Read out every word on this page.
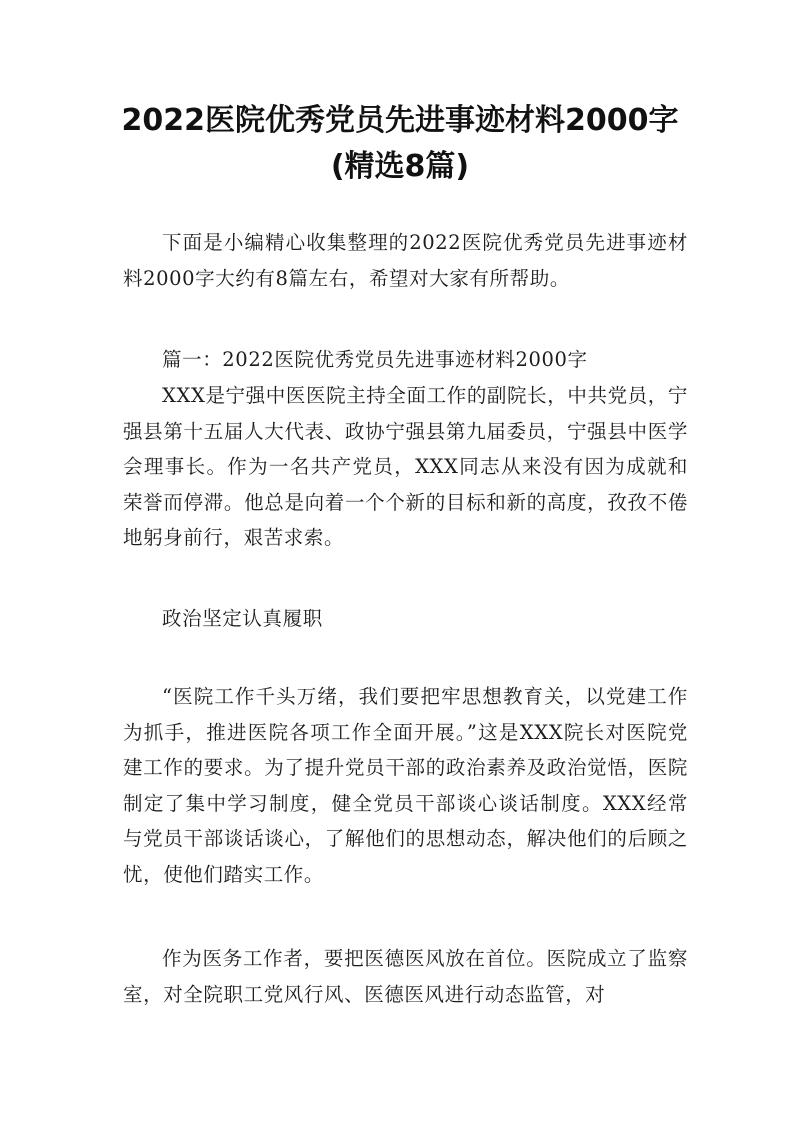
2022医院优秀党员先进事迹材料2000字(精选8篇)

下面是小编精心收集整理的2022医院优秀党员先进事迹材料2000字大约有8篇左右，希望对大家有所帮助。

篇一：2022医院优秀党员先进事迹材料2000字

XXX是宁强中医医院主持全面工作的副院长，中共党员，宁强县第十五届人大代表、政协宁强县第九届委员，宁强县中医学会理事长。作为一名共产党员，XXX同志从来没有因为成就和荣誉而停滞。他总是向着一个个新的目标和新的高度，孜孜不倦地躬身前行，艰苦求索。

政治坚定认真履职

“医院工作千头万绪，我们要把牢思想教育关，以党建工作为抓手，推进医院各项工作全面开展。”这是XXX院长对医院党建工作的要求。为了提升党员干部的政治素养及政治觉悟，医院制定了集中学习制度，健全党员干部谈心谈话制度。XXX经常与党员干部谈话谈心，了解他们的思想动态，解决他们的后顾之忧，使他们踏实工作。

作为医务工作者，要把医德医风放在首位。医院成立了监察室，对全院职工党风行风、医德医风进行动态监管，对
